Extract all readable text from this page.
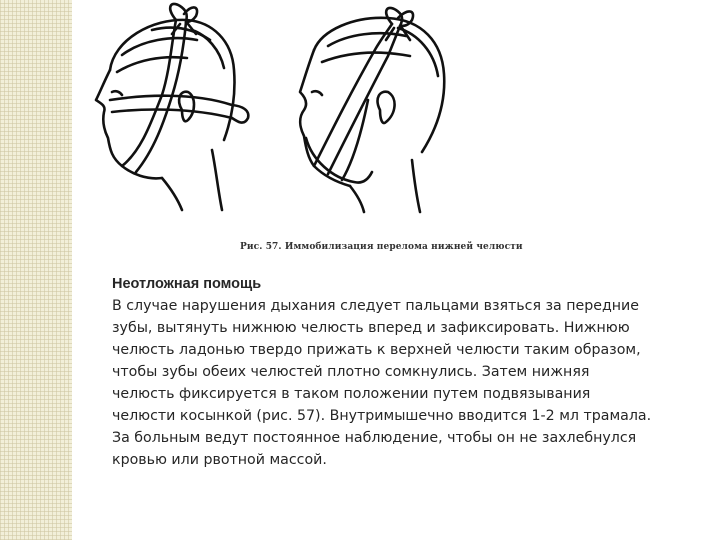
Рис. 57. Иммобилизация перелома нижней челюсти
Неотложная помощь
В случае нарушения дыхания следует пальцами взяться за передние
зубы, вытянуть нижнюю челюсть вперед и зафиксировать. Нижнюю
челюсть ладонью твердо прижать к верхней челюсти таким образом,
чтобы зубы обеих челюстей плотно сомкнулись. Затем нижняя
челюсть фиксируется в таком положении путем подвязывания
челюсти косынкой (рис. 57). Внутримышечно вводится 1-2 мл трамала.
За больным ведут постоянное наблюдение, чтобы он не захлебнулся
кровью или рвотной массой.
